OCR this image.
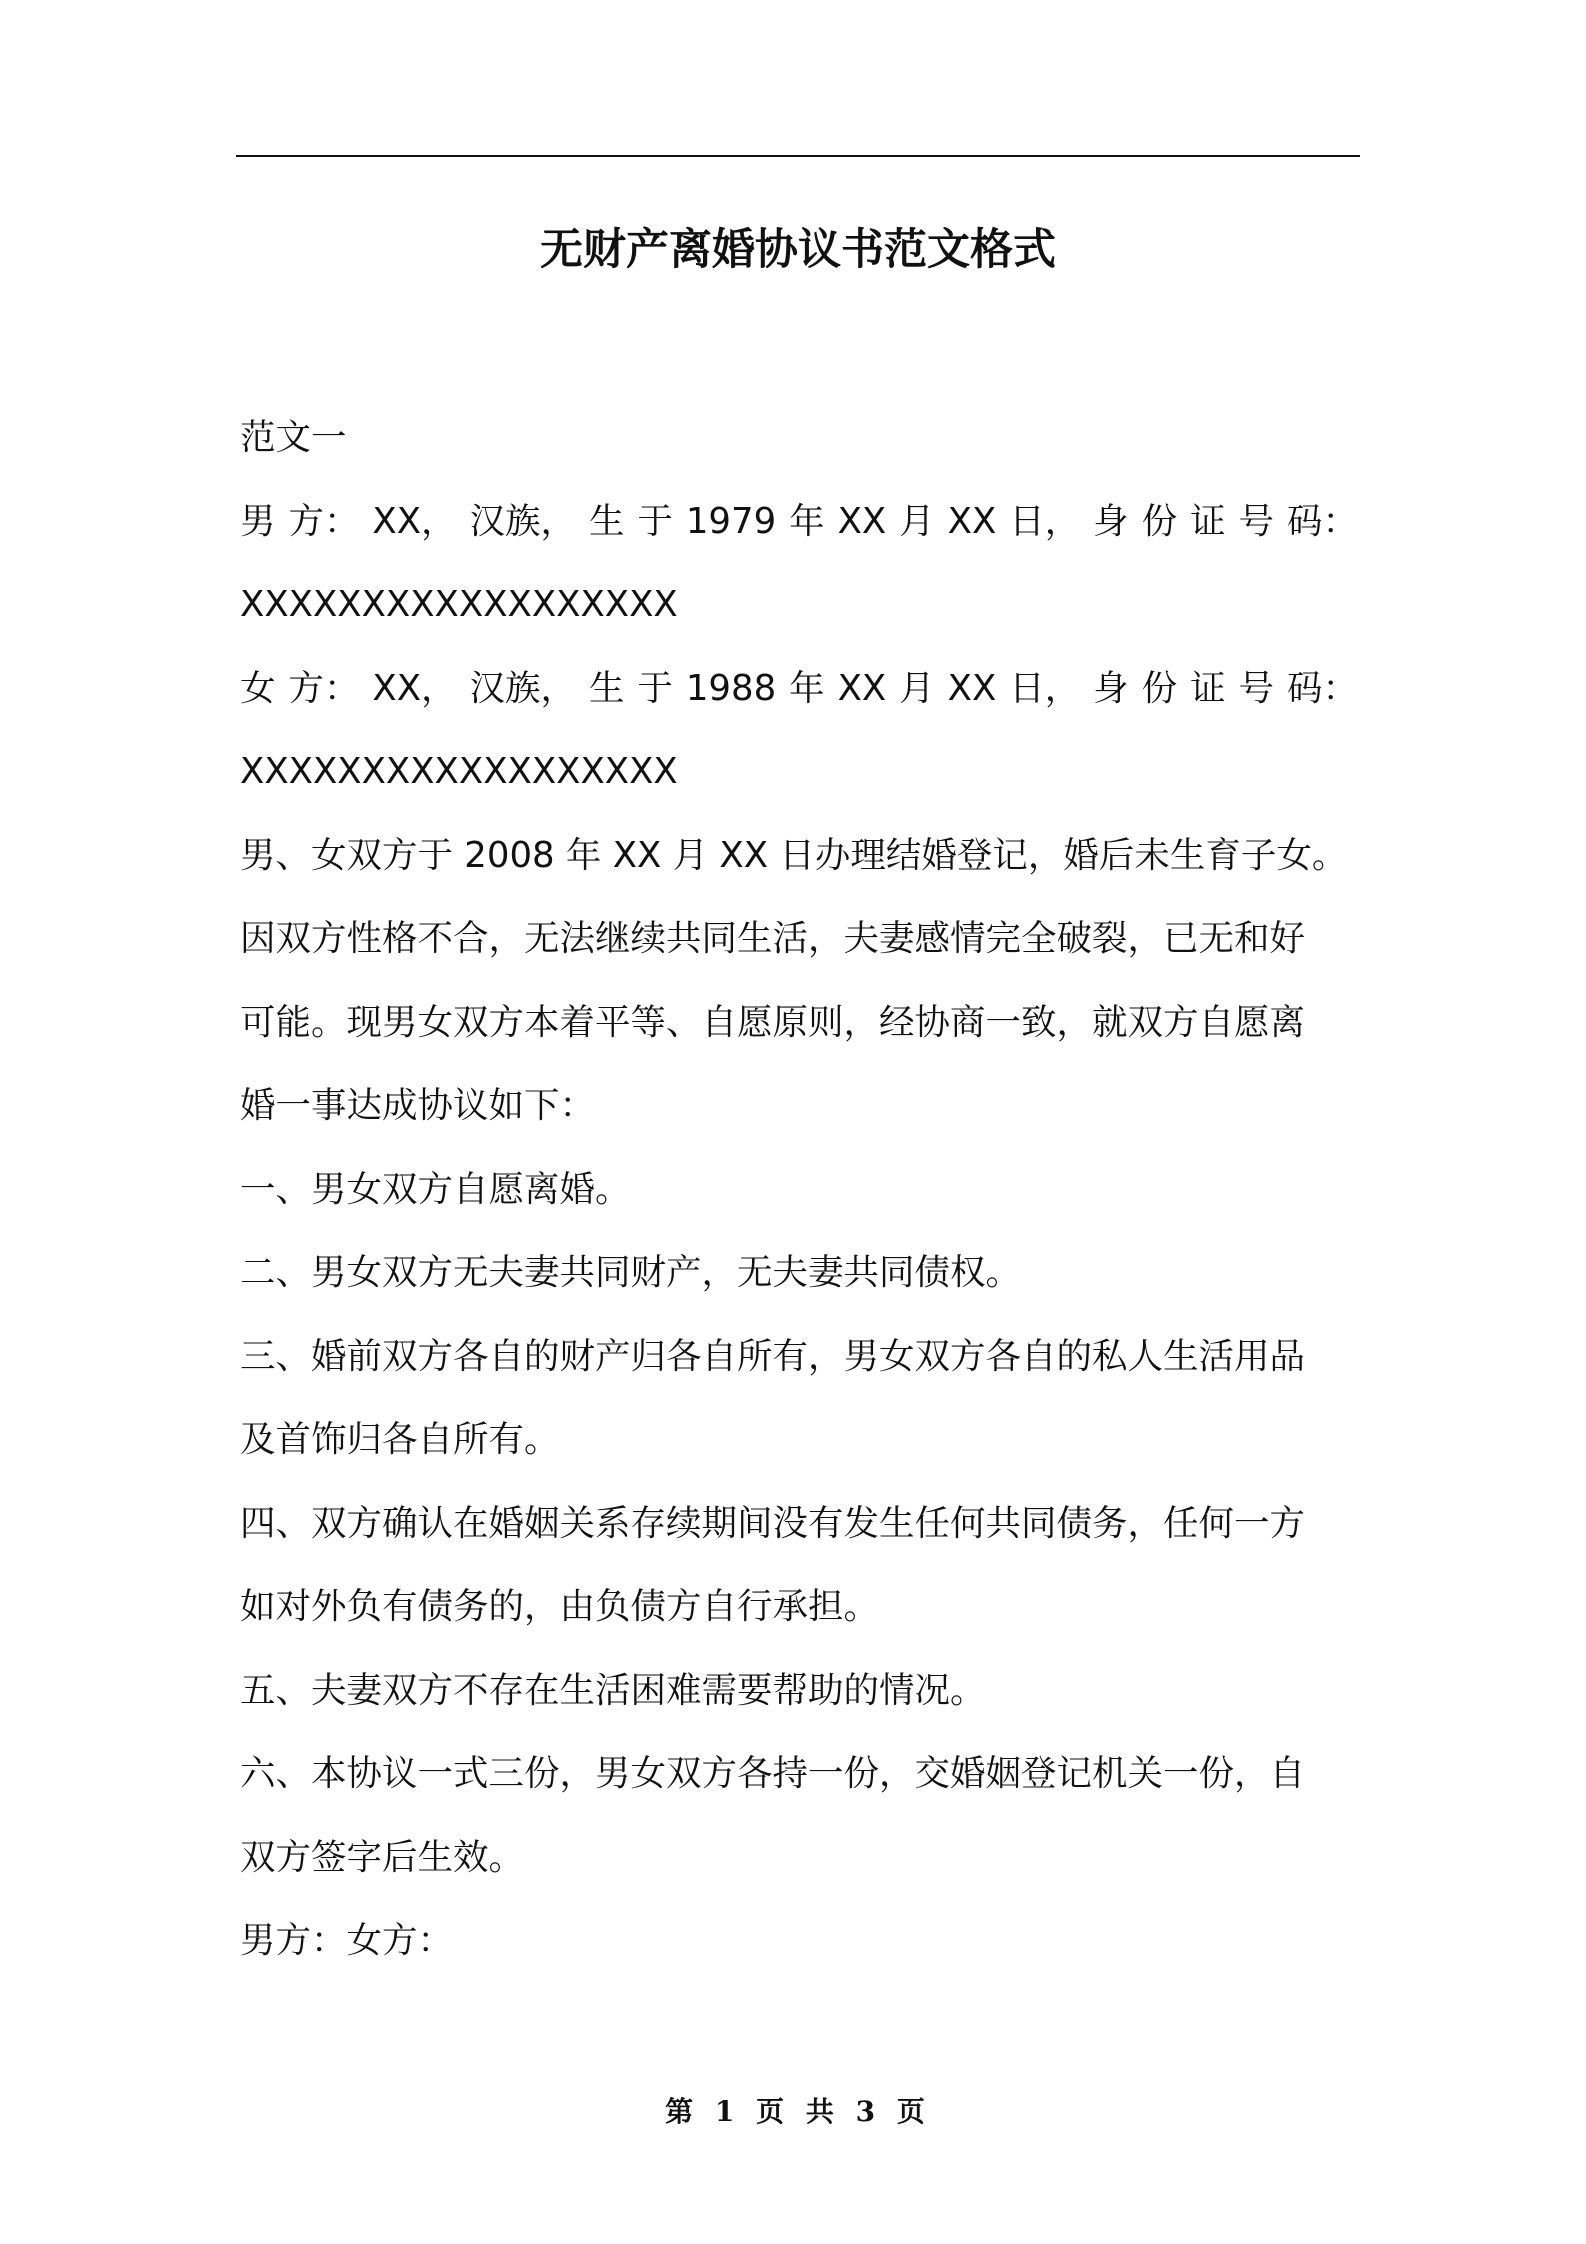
无财产离婚协议书范文格式
范文一
男 方： XX， 汉族， 生 于 1979 年 XX 月 XX 日， 身 份 证 号 码：
XXXXXXXXXXXXXXXXXX
女 方： XX， 汉族， 生 于 1988 年 XX 月 XX 日， 身 份 证 号 码：
XXXXXXXXXXXXXXXXXX
男、女双方于 2008 年 XX 月 XX 日办理结婚登记，婚后未生育子女。
因双方性格不合，无法继续共同生活，夫妻感情完全破裂，已无和好
可能。现男女双方本着平等、自愿原则，经协商一致，就双方自愿离
婚一事达成协议如下：
一、男女双方自愿离婚。
二、男女双方无夫妻共同财产，无夫妻共同债权。
三、婚前双方各自的财产归各自所有，男女双方各自的私人生活用品
及首饰归各自所有。
四、双方确认在婚姻关系存续期间没有发生任何共同债务，任何一方
如对外负有债务的，由负债方自行承担。
五、夫妻双方不存在生活困难需要帮助的情况。
六、本协议一式三份，男女双方各持一份，交婚姻登记机关一份，自
双方签字后生效。
男方：女方：
第 1 页 共 3 页
